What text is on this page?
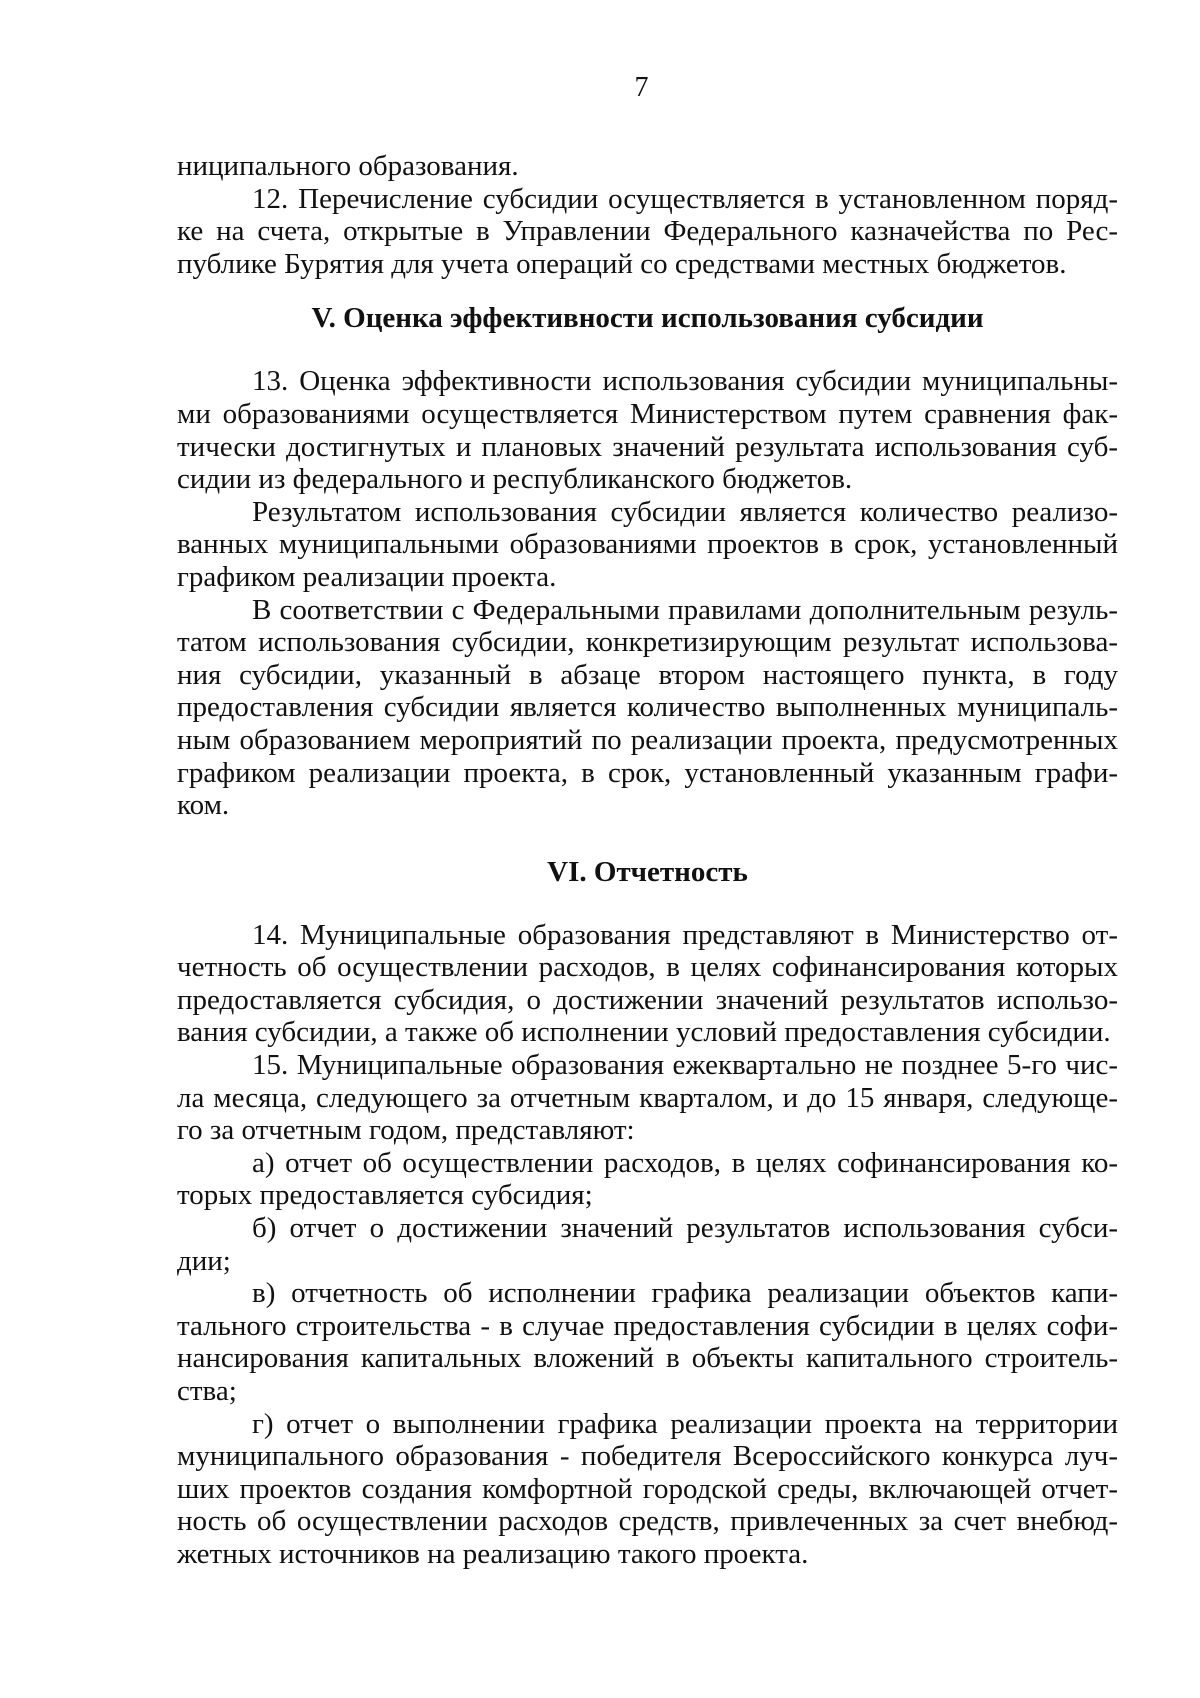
7
ниципального образования.
12. Перечисление субсидии осуществляется в установленном поряд-
ке на счета, открытые в Управлении Федерального казначейства по Рес-
публике Бурятия для учета операций со средствами местных бюджетов.
V. Оценка эффективности использования субсидии
13. Оценка эффективности использования субсидии муниципальны-
ми образованиями осуществляется Министерством путем сравнения фак-
тически достигнутых и плановых значений результата использования суб-
сидии из федерального и республиканского бюджетов.
Результатом использования субсидии является количество реализо-
ванных муниципальными образованиями проектов в срок, установленный
графиком реализации проекта.
В соответствии с Федеральными правилами дополнительным резуль-
татом использования субсидии, конкретизирующим результат использова-
ния субсидии, указанный в абзаце втором настоящего пункта, в году
предоставления субсидии является количество выполненных муниципаль-
ным образованием мероприятий по реализации проекта, предусмотренных
графиком реализации проекта, в срок, установленный указанным графи-
ком.
VI. Отчетность
14. Муниципальные образования представляют в Министерство от-
четность об осуществлении расходов, в целях софинансирования которых
предоставляется субсидия, о достижении значений результатов использо-
вания субсидии, а также об исполнении условий предоставления субсидии.
15. Муниципальные образования ежеквартально не позднее 5-го чис-
ла месяца, следующего за отчетным кварталом, и до 15 января, следующе-
го за отчетным годом, представляют:
а) отчет об осуществлении расходов, в целях софинансирования ко-
торых предоставляется субсидия;
б) отчет о достижении значений результатов использования субси-
дии;
в) отчетность об исполнении графика реализации объектов капи-
тального строительства - в случае предоставления субсидии в целях софи-
нансирования капитальных вложений в объекты капитального строитель-
ства;
г) отчет о выполнении графика реализации проекта на территории
муниципального образования - победителя Всероссийского конкурса луч-
ших проектов создания комфортной городской среды, включающей отчет-
ность об осуществлении расходов средств, привлеченных за счет внебюд-
жетных источников на реализацию такого проекта.
